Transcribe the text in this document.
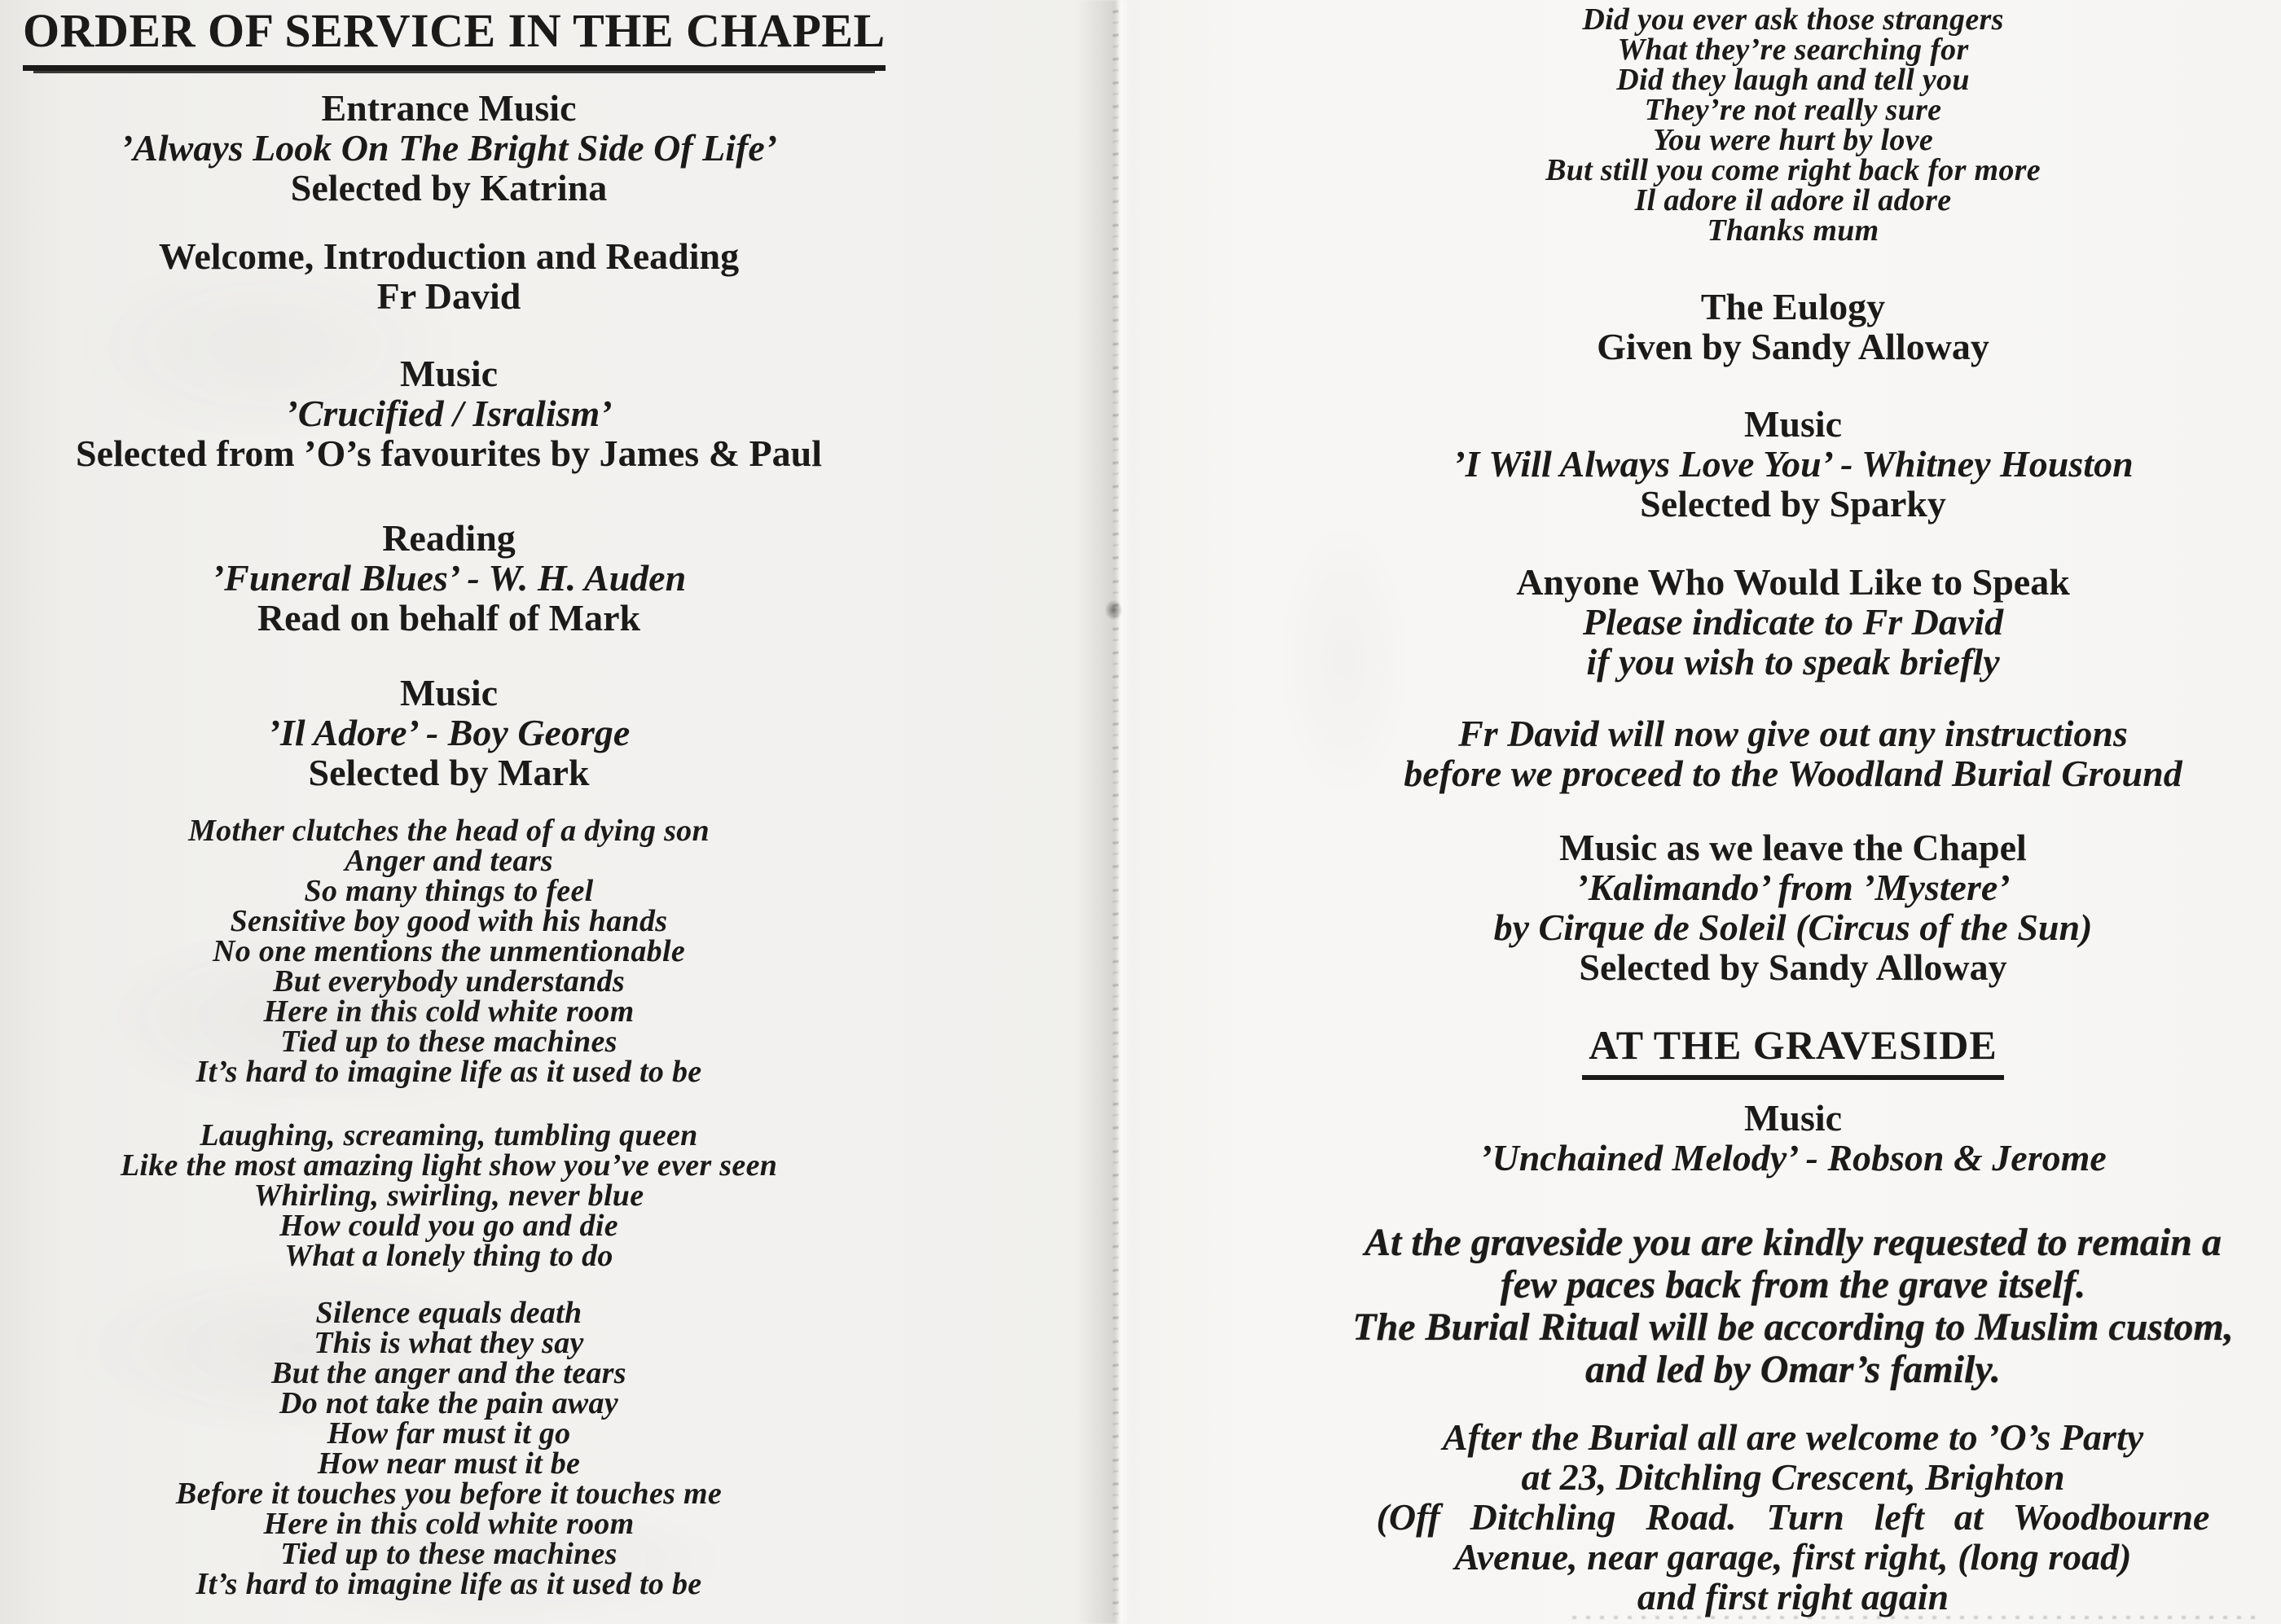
ORDER OF SERVICE IN THE CHAPEL
Entrance Music
’Always Look On The Bright Side Of Life’
Selected by Katrina
Welcome, Introduction and Reading
Fr David
Music
’Crucified / Isralism’
Selected from ’O’s favourites by James & Paul
Reading
’Funeral Blues’ - W. H. Auden
Read on behalf of Mark
Music
’Il Adore’ - Boy George
Selected by Mark
Mother clutches the head of a dying son
Anger and tears
So many things to feel
Sensitive boy good with his hands
No one mentions the unmentionable
But everybody understands
Here in this cold white room
Tied up to these machines
It’s hard to imagine life as it used to be
Laughing, screaming, tumbling queen
Like the most amazing light show you’ve ever seen
Whirling, swirling, never blue
How could you go and die
What a lonely thing to do
Silence equals death
This is what they say
But the anger and the tears
Do not take the pain away
How far must it go
How near must it be
Before it touches you before it touches me
Here in this cold white room
Tied up to these machines
It’s hard to imagine life as it used to be
Did you ever ask those strangers
What they’re searching for
Did they laugh and tell you
They’re not really sure
You were hurt by love
But still you come right back for more
Il adore il adore il adore
Thanks mum
The Eulogy
Given by Sandy Alloway
Music
’I Will Always Love You’ - Whitney Houston
Selected by Sparky
Anyone Who Would Like to Speak
Please indicate to Fr David
if you wish to speak briefly
Fr David will now give out any instructions
before we proceed to the Woodland Burial Ground
Music as we leave the Chapel
’Kalimando’ from ’Mystere’
by Cirque de Soleil (Circus of the Sun)
Selected by Sandy Alloway
AT THE GRAVESIDE
Music
’Unchained Melody’ - Robson & Jerome
At the graveside you are kindly requested to remain a
few paces back from the grave itself.
The Burial Ritual will be according to Muslim custom,
and led by Omar’s family.
After the Burial all are welcome to ’O’s Party
at 23, Ditchling Crescent, Brighton
(Off Ditchling Road. Turn left at Woodbourne
Avenue, near garage, first right, (long road)
and first right again
